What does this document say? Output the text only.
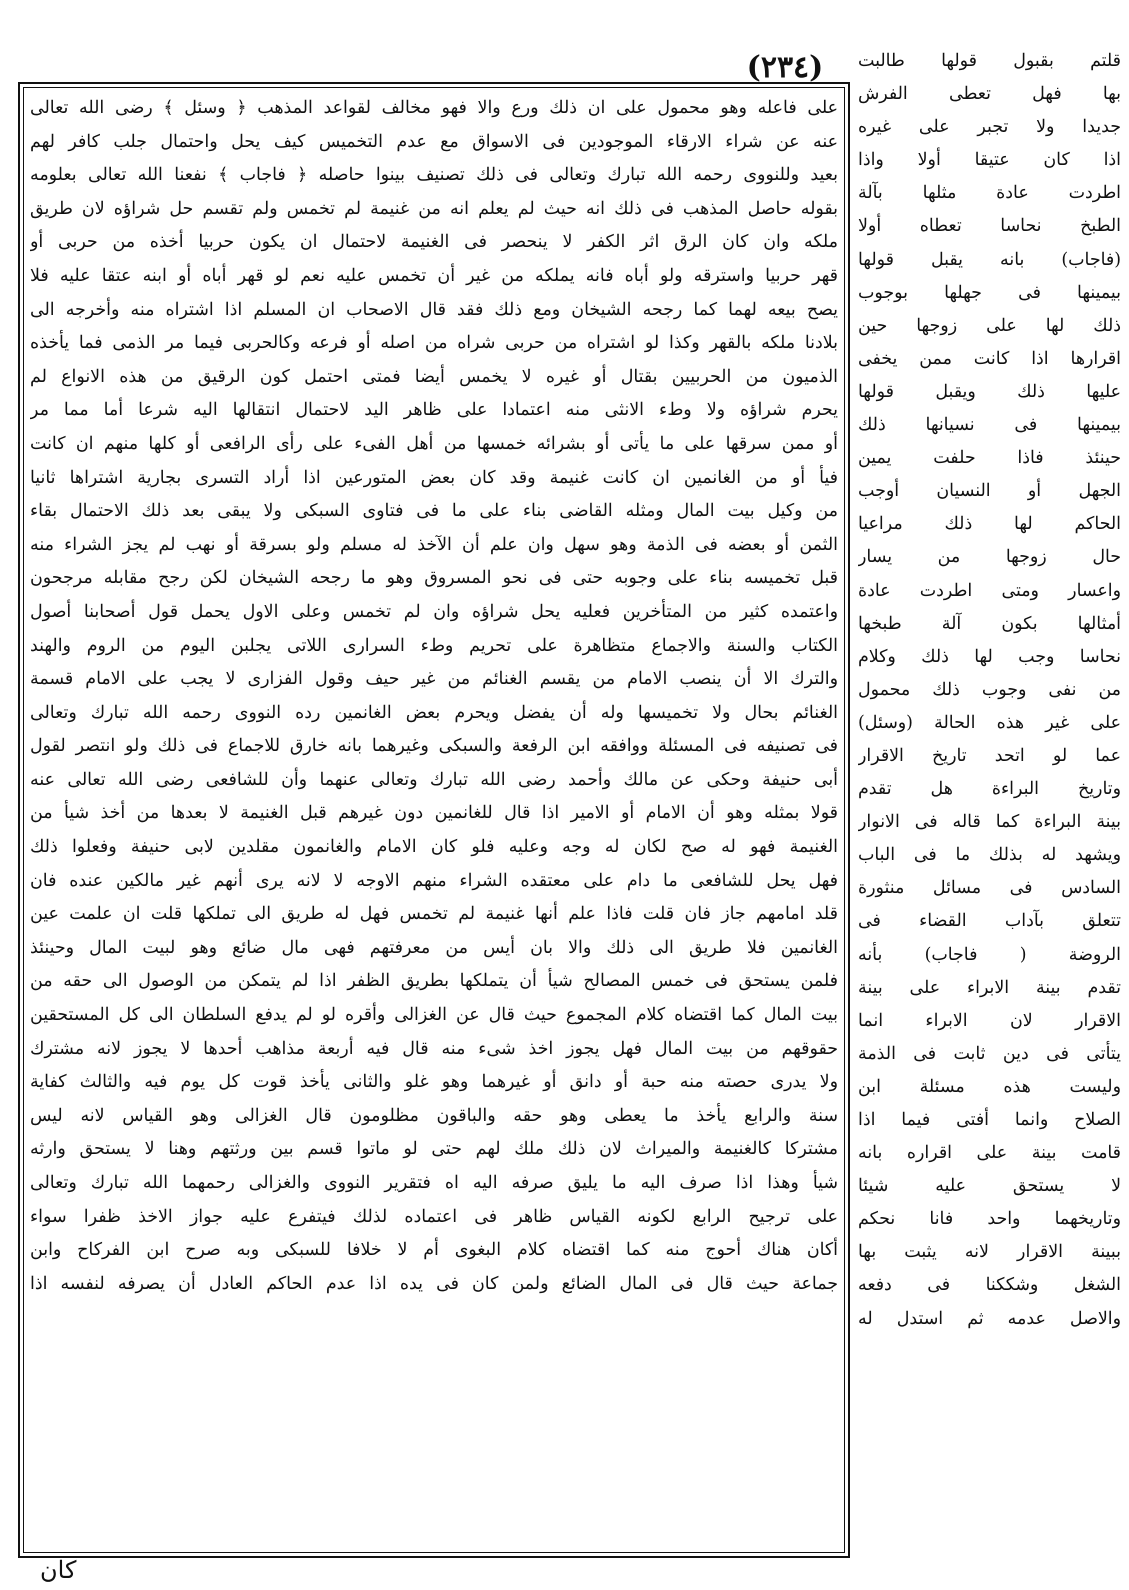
(٢٣٤)
على فاعله وهو محمول على ان ذلك ورع والا فهو مخالف لقواعد المذهب ﴿ وسئل ﴾ رضى الله تعالى
عنه عن شراء الارقاء الموجودين فى الاسواق مع عدم التخميس كيف يحل واحتمال جلب كافر لهم
بعيد وللنووى رحمه الله تبارك وتعالى فى ذلك تصنيف بينوا حاصله ﴿ فاجاب ﴾ نفعنا الله تعالى بعلومه
بقوله حاصل المذهب فى ذلك انه حيث لم يعلم انه من غنيمة لم تخمس ولم تقسم حل شراؤه لان طريق
ملكه وان كان الرق اثر الكفر لا ينحصر فى الغنيمة لاحتمال ان يكون حربيا أخذه من حربى أو
قهر حربيا واسترقه ولو أباه فانه يملكه من غير أن تخمس عليه نعم لو قهر أباه أو ابنه عتقا عليه فلا
يصح بيعه لهما كما رجحه الشيخان ومع ذلك فقد قال الاصحاب ان المسلم اذا اشتراه منه وأخرجه الى
بلادنا ملكه بالقهر وكذا لو اشتراه من حربى شراه من اصله أو فرعه وكالحربى فيما مر الذمى فما يأخذه
الذميون من الحربيين بقتال أو غيره لا يخمس أيضا فمتى احتمل كون الرقيق من هذه الانواع لم
يحرم شراؤه ولا وطء الانثى منه اعتمادا على ظاهر اليد لاحتمال انتقالها اليه شرعا أما مما مر
أو ممن سرقها على ما يأتى أو بشرائه خمسها من أهل الفىء على رأى الرافعى أو كلها منهم ان كانت
فيأ أو من الغانمين ان كانت غنيمة وقد كان بعض المتورعين اذا أراد التسرى بجارية اشتراها ثانيا
من وكيل بيت المال ومثله القاضى بناء على ما فى فتاوى السبكى ولا يبقى بعد ذلك الاحتمال بقاء
الثمن أو بعضه فى الذمة وهو سهل وان علم أن الآخذ له مسلم ولو بسرقة أو نهب لم يجز الشراء منه
قبل تخميسه بناء على وجوبه حتى فى نحو المسروق وهو ما رجحه الشيخان لكن رجح مقابله مرجحون
واعتمده كثير من المتأخرين فعليه يحل شراؤه وان لم تخمس وعلى الاول يحمل قول أصحابنا أصول
الكتاب والسنة والاجماع متظاهرة على تحريم وطء السرارى اللاتى يجلبن اليوم من الروم والهند
والترك الا أن ينصب الامام من يقسم الغنائم من غير حيف وقول الفزارى لا يجب على الامام قسمة
الغنائم بحال ولا تخميسها وله أن يفضل ويحرم بعض الغانمين رده النووى رحمه الله تبارك وتعالى
فى تصنيفه فى المسئلة ووافقه ابن الرفعة والسبكى وغيرهما بانه خارق للاجماع فى ذلك ولو انتصر لقول
أبى حنيفة وحكى عن مالك وأحمد رضى الله تبارك وتعالى عنهما وأن للشافعى رضى الله تعالى عنه
قولا بمثله وهو أن الامام أو الامير اذا قال للغانمين دون غيرهم قبل الغنيمة لا بعدها من أخذ شيأ من
الغنيمة فهو له صح لكان له وجه وعليه فلو كان الامام والغانمون مقلدين لابى حنيفة وفعلوا ذلك
فهل يحل للشافعى ما دام على معتقده الشراء منهم الاوجه لا لانه يرى أنهم غير مالكين عنده فان
قلد امامهم جاز فان قلت فاذا علم أنها غنيمة لم تخمس فهل له طريق الى تملكها قلت ان علمت عين
الغانمين فلا طريق الى ذلك والا بان أيس من معرفتهم فهى مال ضائع وهو لبيت المال وحينئذ
فلمن يستحق فى خمس المصالح شيأ أن يتملكها بطريق الظفر اذا لم يتمكن من الوصول الى حقه من
بيت المال كما اقتضاه كلام المجموع حيث قال عن الغزالى وأقره لو لم يدفع السلطان الى كل المستحقين
حقوقهم من بيت المال فهل يجوز اخذ شىء منه قال فيه أربعة مذاهب أحدها لا يجوز لانه مشترك
ولا يدرى حصته منه حبة أو دانق أو غيرهما وهو غلو والثانى يأخذ قوت كل يوم فيه والثالث كفاية
سنة والرابع يأخذ ما يعطى وهو حقه والباقون مظلومون قال الغزالى وهو القياس لانه ليس
مشتركا كالغنيمة والميراث لان ذلك ملك لهم حتى لو ماتوا قسم بين ورثتهم وهنا لا يستحق وارثه
شيأ وهذا اذا صرف اليه ما يليق صرفه اليه اه فتقرير النووى والغزالى رحمهما الله تبارك وتعالى
على ترجيح الرابع لكونه القياس ظاهر فى اعتماده لذلك فيتفرع عليه جواز الاخذ ظفرا سواء
أكان هناك أحوج منه كما اقتضاه كلام البغوى أم لا خلافا للسبكى وبه صرح ابن الفركاح وابن
جماعة حيث قال فى المال الضائع ولمن كان فى يده اذا عدم الحاكم العادل أن يصرفه لنفسه اذا
قلتم بقبول قولها طالبت
بها فهل تعطى الفرش
جديدا ولا تجبر على غيره
اذا كان عتيقا أولا واذا
اطردت عادة مثلها بآلة
الطبخ نحاسا تعطاه أولا
(فاجاب) بانه يقبل قولها
بيمينها فى جهلها بوجوب
ذلك لها على زوجها حين
اقرارها اذا كانت ممن يخفى
عليها ذلك ويقبل قولها
بيمينها فى نسيانها ذلك
حينئذ فاذا حلفت يمين
الجهل أو النسيان أوجب
الحاكم لها ذلك مراعيا
حال زوجها من يسار
واعسار ومتى اطردت عادة
أمثالها بكون آلة طبخها
نحاسا وجب لها ذلك وكلام
من نفى وجوب ذلك محمول
على غير هذه الحالة (وسئل)
عما لو اتحد تاريخ الاقرار
وتاريخ البراءة هل تقدم
بينة البراءة كما قاله فى الانوار
ويشهد له بذلك ما فى الباب
السادس فى مسائل منثورة
تتعلق بآداب القضاء فى
الروضة ( فاجاب) بأنه
تقدم بينة الابراء على بينة
الاقرار لان الابراء انما
يتأتى فى دين ثابت فى الذمة
وليست هذه مسئلة ابن
الصلاح وانما أفتى فيما اذا
قامت بينة على اقراره بانه
لا يستحق عليه شيئا
وتاريخهما واحد فانا نحكم
ببينة الاقرار لانه يثبت بها
الشغل وشككنا فى دفعه
والاصل عدمه ثم استدل له
كان
